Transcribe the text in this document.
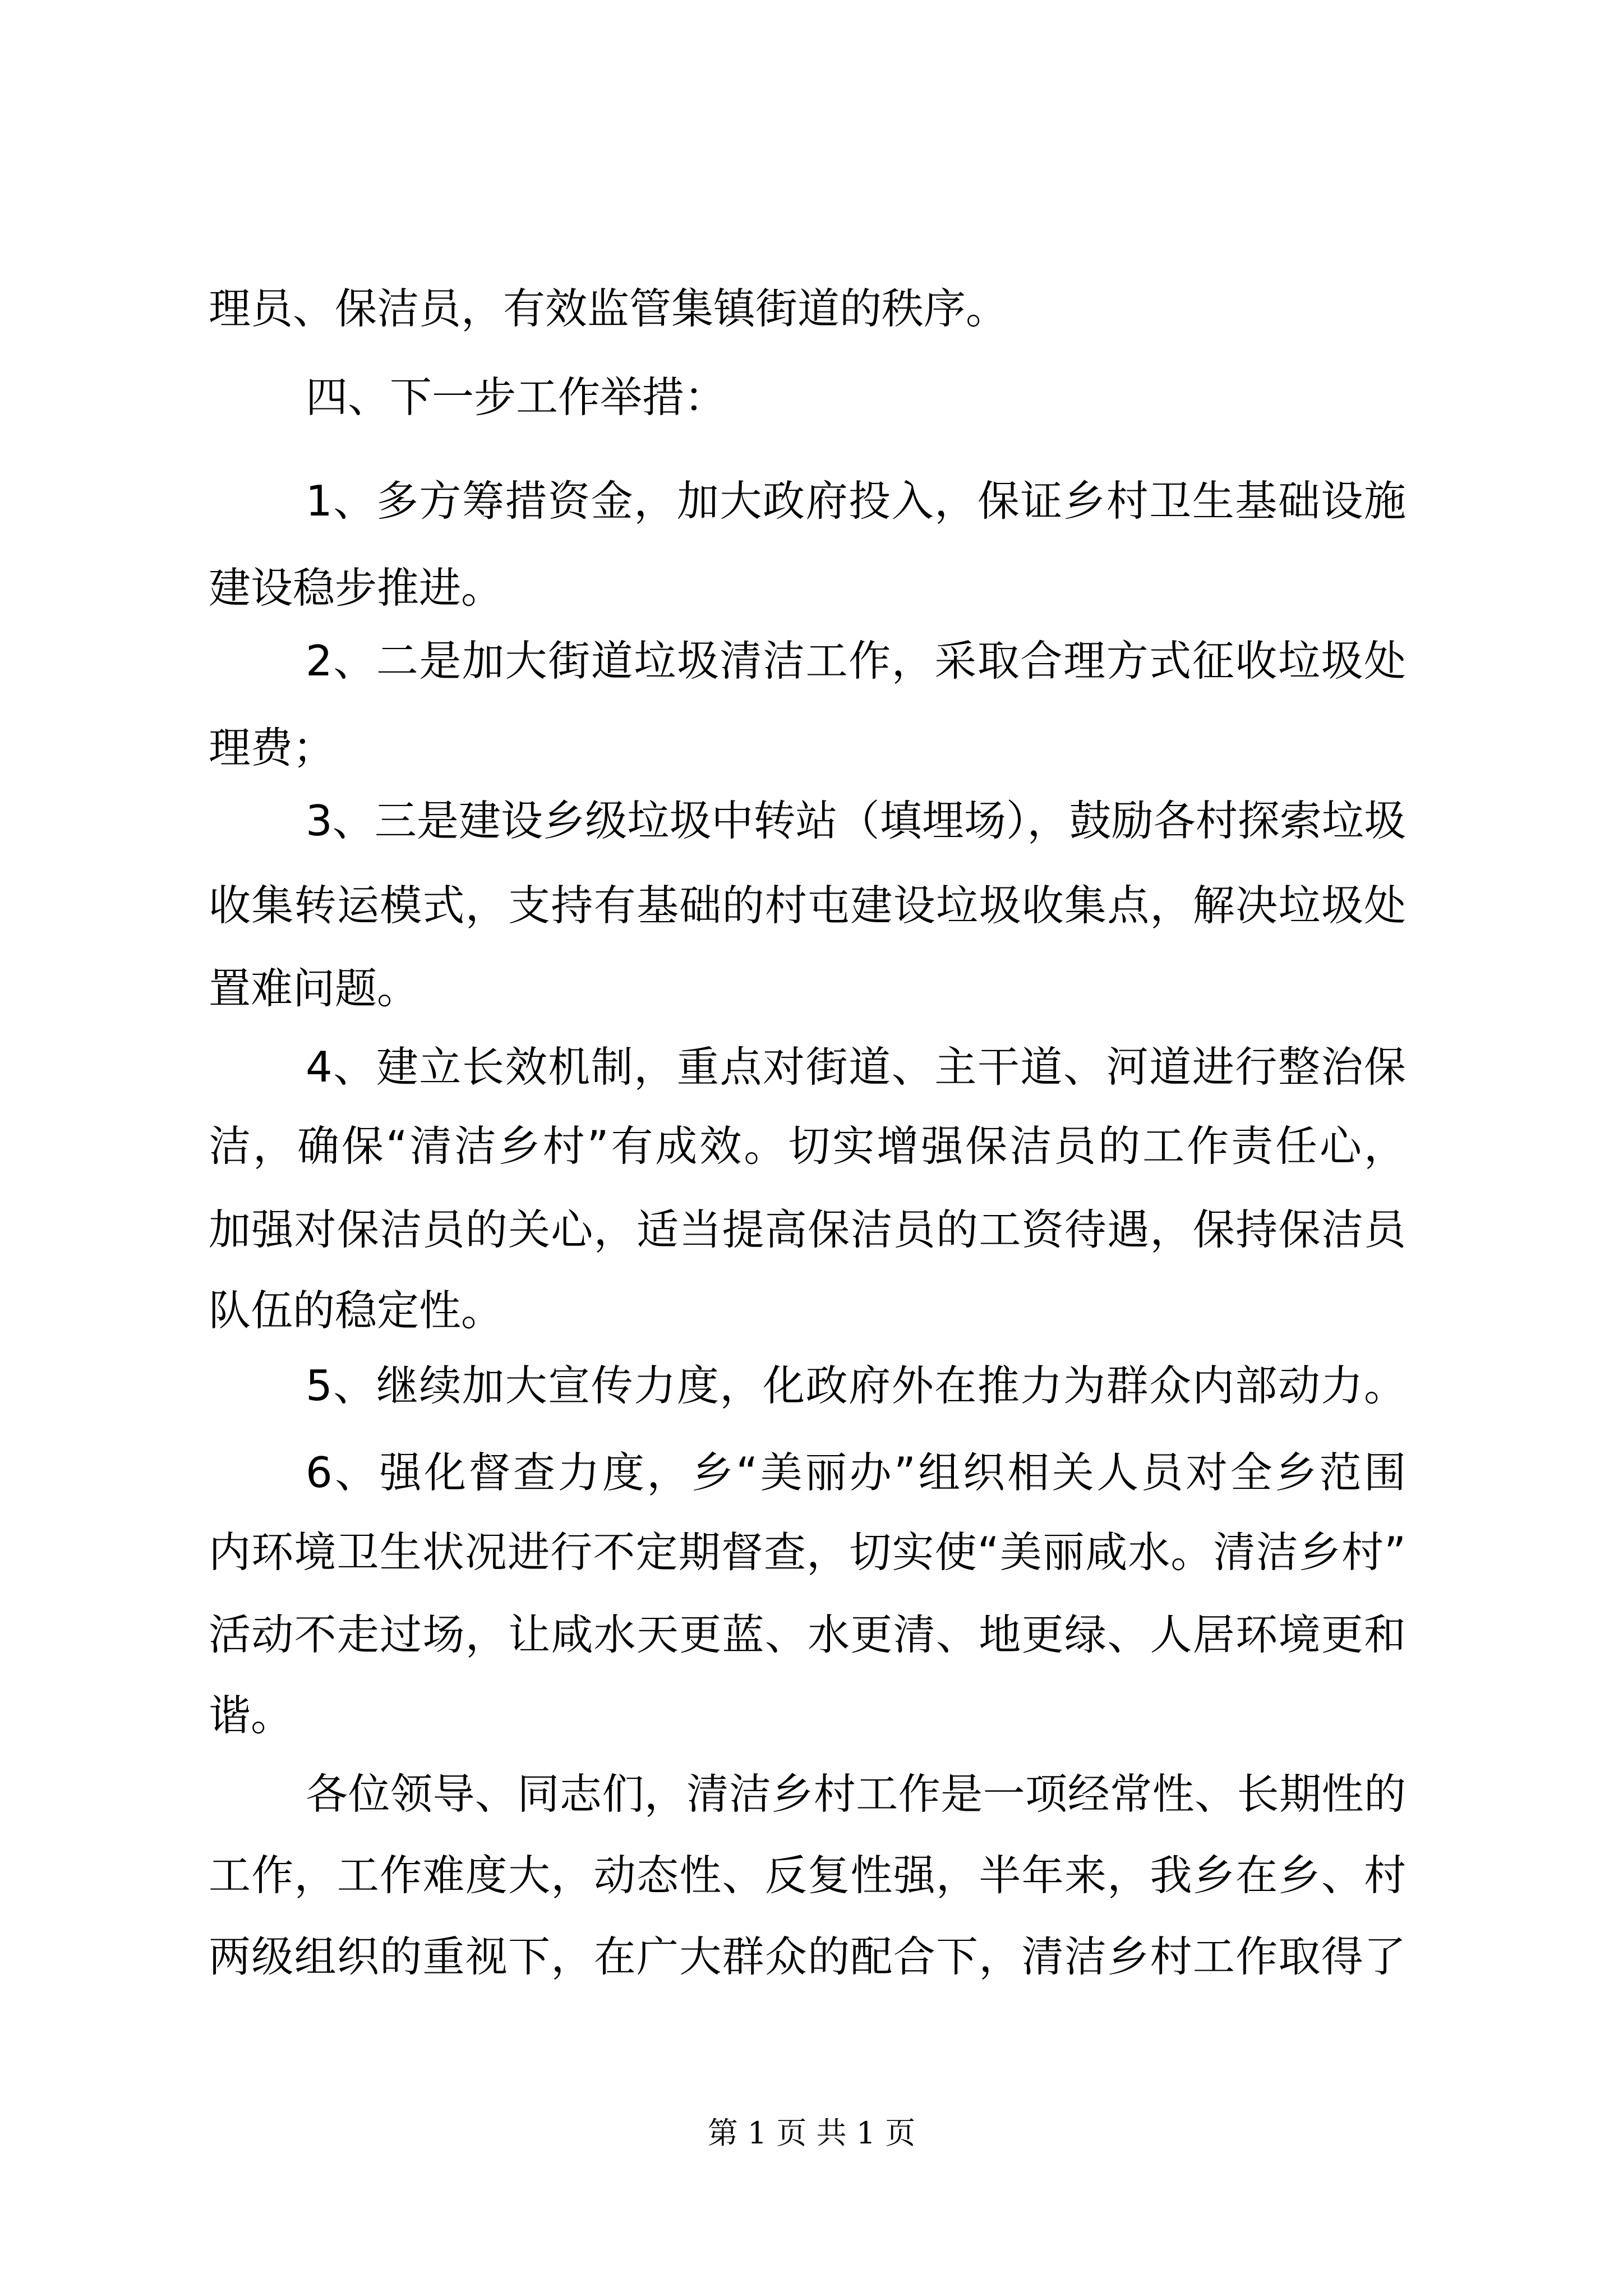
理员、保洁员，有效监管集镇街道的秩序。
四、下一步工作举措：
1、多方筹措资金，加大政府投入，保证乡村卫生基础设施
建设稳步推进。
2、二是加大街道垃圾清洁工作，采取合理方式征收垃圾处
理费；
3、三是建设乡级垃圾中转站（填埋场），鼓励各村探索垃圾
收集转运模式，支持有基础的村屯建设垃圾收集点，解决垃圾处
置难问题。
4、建立长效机制，重点对街道、主干道、河道进行整治保
洁，确保“清洁乡村”有成效。切实增强保洁员的工作责任心，
加强对保洁员的关心，适当提高保洁员的工资待遇，保持保洁员
队伍的稳定性。
5、继续加大宣传力度，化政府外在推力为群众内部动力。
6、强化督查力度，乡“美丽办”组织相关人员对全乡范围
内环境卫生状况进行不定期督查，切实使“美丽咸水。清洁乡村”
活动不走过场，让咸水天更蓝、水更清、地更绿、人居环境更和
谐。
各位领导、同志们，清洁乡村工作是一项经常性、长期性的
工作，工作难度大，动态性、反复性强，半年来，我乡在乡、村
两级组织的重视下，在广大群众的配合下，清洁乡村工作取得了
第 1 页 共 1 页
